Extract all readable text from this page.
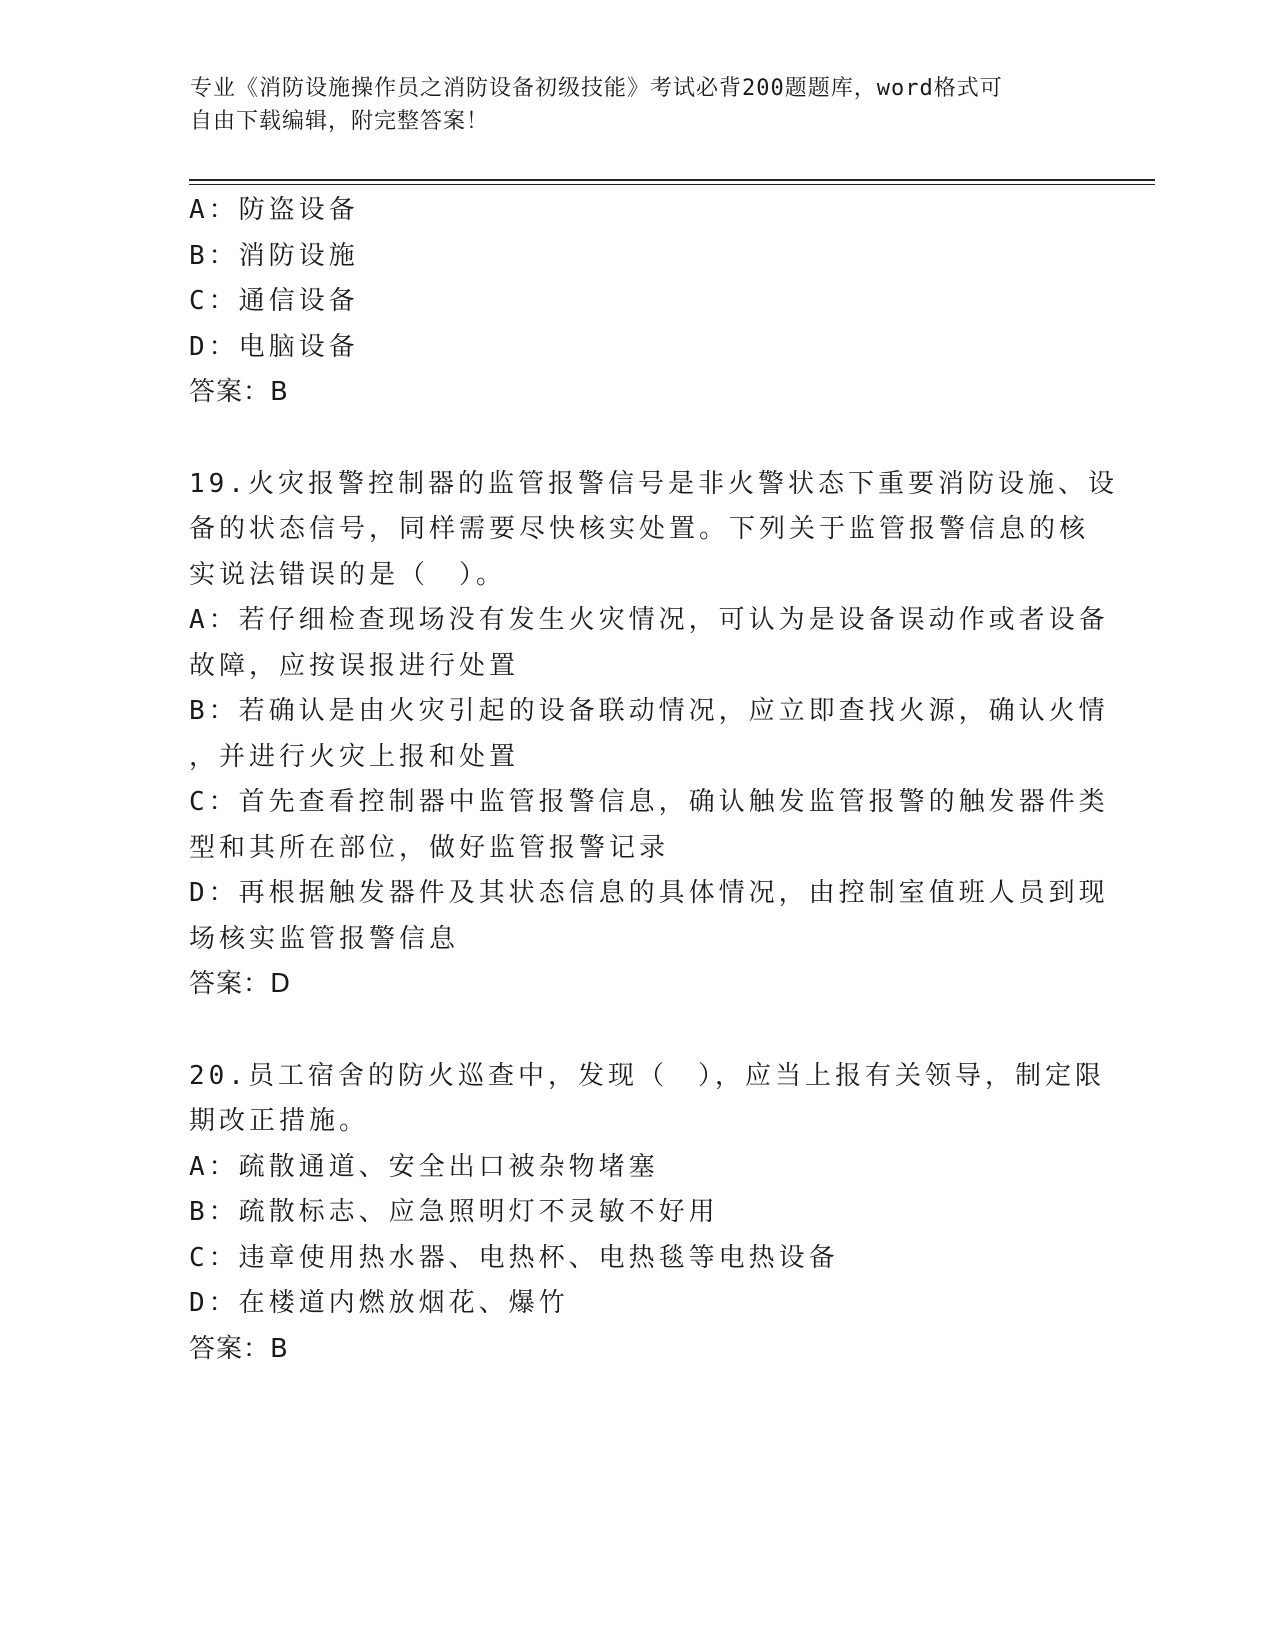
专业《消防设施操作员之消防设备初级技能》考试必背200题题库，word格式可
自由下载编辑，附完整答案！
A：防盗设备
B：消防设施
C：通信设备
D：电脑设备
答案：B
19.火灾报警控制器的监管报警信号是非火警状态下重要消防设施、设
备的状态信号，同样需要尽快核实处置。下列关于监管报警信息的核
实说法错误的是（　）。
A：若仔细检查现场没有发生火灾情况，可认为是设备误动作或者设备
故障，应按误报进行处置
B：若确认是由火灾引起的设备联动情况，应立即查找火源，确认火情
，并进行火灾上报和处置
C：首先查看控制器中监管报警信息，确认触发监管报警的触发器件类
型和其所在部位，做好监管报警记录
D：再根据触发器件及其状态信息的具体情况，由控制室值班人员到现
场核实监管报警信息
答案：D
20.员工宿舍的防火巡查中，发现（　），应当上报有关领导，制定限
期改正措施。
A：疏散通道、安全出口被杂物堵塞
B：疏散标志、应急照明灯不灵敏不好用
C：违章使用热水器、电热杯、电热毯等电热设备
D：在楼道内燃放烟花、爆竹
答案：B
